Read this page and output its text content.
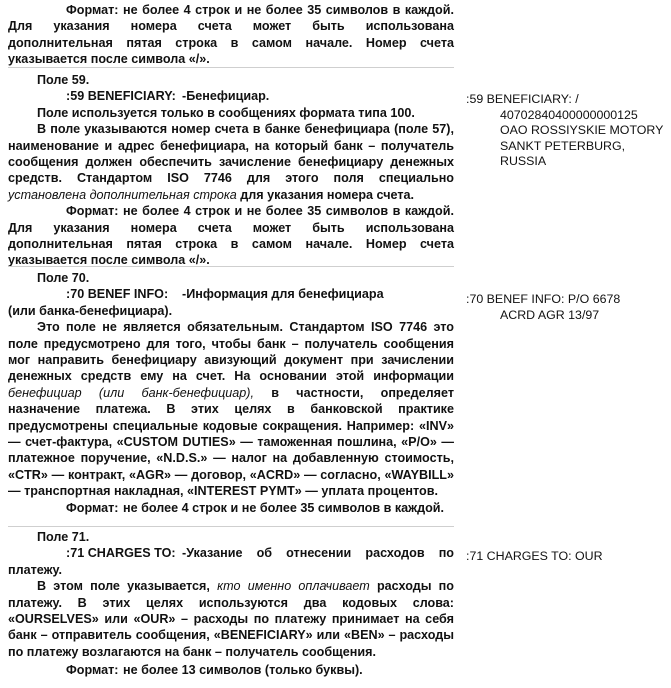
Формат: не более 4 строк и не более 35 символов в каждой. Для указания номера счета может быть использована дополнительная пятая строка в самом начале. Номер счета указывается после символа «/».

Поле 59.

:59 BENEFICIARY: -Бенефициар.

Поле используется только в сообщениях формата типа 100.

В поле указываются номер счета в банке бенефициара (поле 57), наименование и адрес бенефициара, на который банк – получатель сообщения должен обеспечить зачисление бенефициару денежных средств. Стандартом ISO 7746 для этого поля специально установлена дополнительная строка для указания номера счета.

Формат: не более 4 строк и не более 35 символов в каждой. Для указания номера счета может быть использована дополнительная пятая строка в самом начале. Номер счета указывается после символа «/».

:59 BENEFICIARY: /
40702840400000000125
OAO ROSSIYSKIE MOTORY
SANKT PETERBURG,
RUSSIA

Поле 70.

:70 BENEF INFO: -Информация для бенефициара

(или банка-бенефициара).

Это поле не является обязательным. Стандартом ISO 7746 это поле предусмотрено для того, чтобы банк – получатель сообщения мог направить бенефициару авизующий документ при зачислении денежных средств ему на счет. На основании этой информации бенефициар (или банк-бенефициар), в частности, определяет назначение платежа. В этих целях в банковской практике предусмотрены специальные кодовые сокращения. Например: «INV» — счет-фактура, «CUSTOM DUTIES» — таможенная пошлина, «P/O» — платежное поручение, «N.D.S.» — налог на добавленную стоимость, «CTR» — контракт, «AGR» — договор, «ACRD» — согласно, «WAYBILL» — транспортная накладная, «INTEREST PYMT» — уплата процентов.

Формат: не более 4 строк и не более 35 символов в каждой.

:70 BENEF INFO: P/O 6678
ACRD AGR 13/97

Поле 71.

:71 CHARGES TO: -Указание об отнесении расходов по платежу.

В этом поле указывается, кто именно оплачивает расходы по платежу. В этих целях используются два кодовых слова: «OURSELVES» или «OUR» – расходы по платежу принимает на себя банк – отправитель сообщения, «BENEFICIARY» или «BEN» – расходы по платежу возлагаются на банк – получатель сообщения.

Формат: не более 13 символов (только буквы).

:71 CHARGES TO: OUR
